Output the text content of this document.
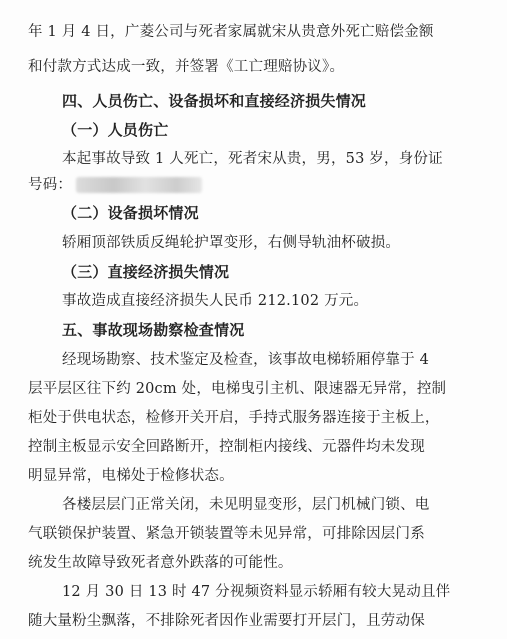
年 1 月 4 日，广菱公司与死者家属就宋从贵意外死亡赔偿金额
和付款方式达成一致，并签署《工亡理赔协议》。
四、人员伤亡、设备损坏和直接经济损失情况
（一）人员伤亡
本起事故导致 1 人死亡，死者宋从贵，男，53 岁，身份证
号码：
（二）设备损坏情况
轿厢顶部铁质反绳轮护罩变形，右侧导轨油杯破损。
（三）直接经济损失情况
事故造成直接经济损失人民币 212.102 万元。
五、事故现场勘察检查情况
经现场勘察、技术鉴定及检查，该事故电梯轿厢停靠于 4
层平层区往下约 20cm 处，电梯曳引主机、限速器无异常，控制
柜处于供电状态，检修开关开启，手持式服务器连接于主板上，
控制主板显示安全回路断开，控制柜内接线、元器件均未发现
明显异常，电梯处于检修状态。
各楼层层门正常关闭，未见明显变形，层门机械门锁、电
气联锁保护装置、紧急开锁装置等未见异常，可排除因层门系
统发生故障导致死者意外跌落的可能性。
12 月 30 日 13 时 47 分视频资料显示轿厢有较大晃动且伴
随大量粉尘飘落，不排除死者因作业需要打开层门，且劳动保
